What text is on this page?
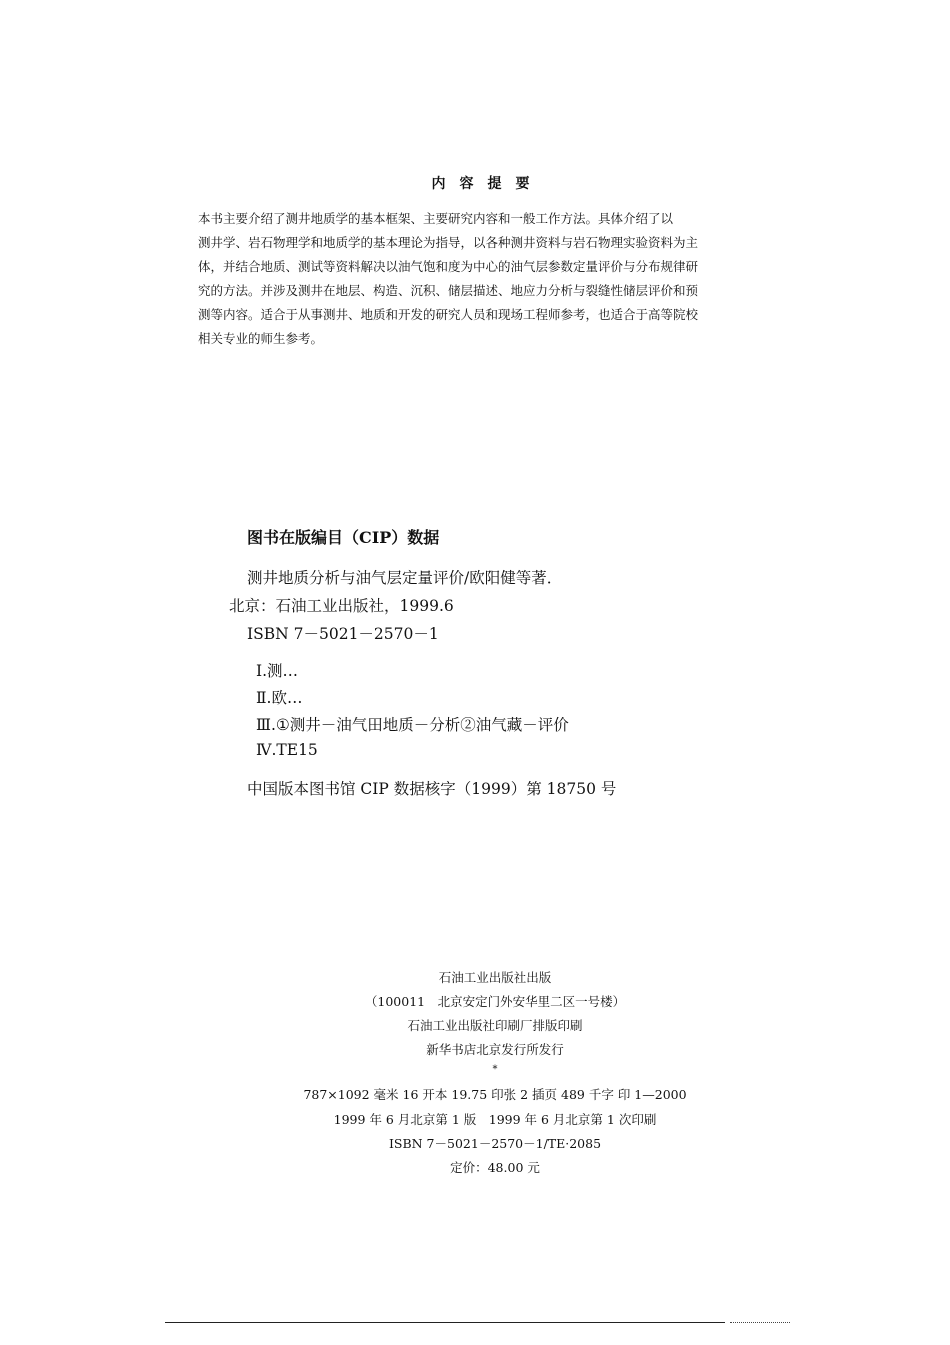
内容提要
本书主要介绍了测井地质学的基本框架、主要研究内容和一般工作方法。具体介绍了以
测井学、岩石物理学和地质学的基本理论为指导，以各种测井资料与岩石物理实验资料为主
体，并结合地质、测试等资料解决以油气饱和度为中心的油气层参数定量评价与分布规律研
究的方法。并涉及测井在地层、构造、沉积、储层描述、地应力分析与裂缝性储层评价和预
测等内容。适合于从事测井、地质和开发的研究人员和现场工程师参考，也适合于高等院校
相关专业的师生参考。
图书在版编目（CIP）数据
测井地质分析与油气层定量评价/欧阳健等著．
北京：石油工业出版社，1999.6
ISBN 7－5021－2570－1
Ⅰ.测…
Ⅱ.欧…
Ⅲ.①测井－油气田地质－分析②油气藏－评价
Ⅳ.TE15
中国版本图书馆 CIP 数据核字（1999）第 18750 号
石油工业出版社出版
（100011　北京安定门外安华里二区一号楼）
石油工业出版社印刷厂排版印刷
新华书店北京发行所发行
*
787×1092 毫米 16 开本 19.75 印张 2 插页 489 千字 印 1—2000
1999 年 6 月北京第 1 版　1999 年 6 月北京第 1 次印刷
ISBN 7－5021－2570－1/TE·2085
定价：48.00 元
